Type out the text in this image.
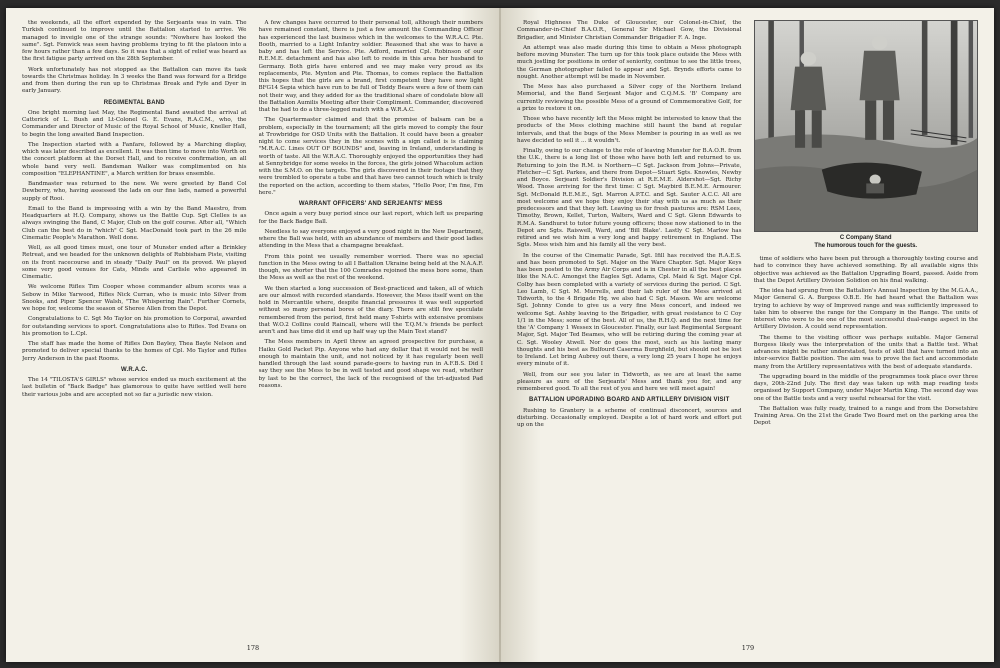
the weekends, all the effort expended by the Serjeants was in vain. The Turkish continued to improve until the Battalion started to arrive. We managed to inveigle one of the strange sounds: "Nowhere has looked the same". Sgt. Fenwick was seen having problems trying to fit the platoon into a few hours rather than a few days. So it was that a sight of relief was heard as the first fatigue party arrived on the 28th September.

Work unfortunately has not stopped as the Battalion can move its task towards the Christmas holiday. In 3 weeks the Band was forward for a Bridge and from then during the run up to Christmas Break and Fyfe and Dyer in early January.

REGIMENTAL BAND

One bright morning last May, the Regimental Band awaited the arrival at Catterick of L. Bush and Lt-Colonel G. E. Evans, R.A.C.M., who, the Commander and Director of Music of the Royal School of Music, Kneller Hall, to begin the long awaited Band Inspection.

The Inspection started with a Fanfare, followed by a Marching display, which was later described as excellent. It was then time to move into Worth on the concert platform at the Dorset Hall, and to receive confirmation, an all whole band very well. Bandsman Walker was complimented on his composition "ELEPHANTINE", a March written for brass ensemble.

Bandmaster was returned to the new. We were greeted by Band Col Dewberry, who, having assessed the lads on our fine lads, named a powerful supply of Rooi.

Email to the Band is impressing with a win by the Band Maestro, from Headquarters at H.Q. Company, shows us the Battle Cup. Sgt Clelles is as always swinging the Band, C Major, Club on the golf course. After all, "Which Club can the best do in "which" C Sgt. MacDonald took part in the 26 mile Cinematic People's Marathon. Well done.

Well, as all good times must, one tour of Munster ended after a Brinkley Retreat, and we headed for the unknown delights of Rubbisham Piste, visiting on its front racecourse and in steady "Daily Paul" on its proved. We played some very good venues for Cats, Minds and Carlisle who appeared in Cinematic.

We welcome Rifles Tim Cooper whose commander album scores was a Sebow in Mike Yarwood, Rifles Nick Curran, who is music into Silver from Snooks, and Piper Spencer Walsh, "The Whispering Rain". Further Cornets, we hope for, welcome the season of Sheree Allen from the Depot.

Congratulations to C. Sgt Mo Taylor on his promotion to Corporal, awarded for outstanding services to sport. Congratulations also to Rifles. Tod Evans on his promotion to L.Cpl.

The staff has made the home of Rifles Don Bayley, Thea Bayle Nelson and promoted to deliver special thanks to the homes of Cpl. Mo Taylor and Rifles Jerry Anderson in the past Rooms.

W.R.A.C.

The 14 "TILOSTA'S GIRLS" whose service ended us much excitement at the last bulletin of "Back Badge" has glamorous to quite have settled well here their various jobs and are accepted not so far a jurisdic new vision.

A few changes have occurred to their personal toll, although their numbers have remained constant, there is just a few amount the Commanding Officer has experienced the last business which in the welcomes to the W.R.A.C. Pte. Booth, married to a Light Infantry soldier. Reasoned that she was to have a baby and has left the Service. Pte. Adford, married Cpl. Robinson of our R.E.M.E. detachment and has also left to reside in this area her husband to Germany. Both girls have entered and we may make very proud as its replacements, Pte. Mynton and Pte. Thomas, to comes replace the Battalion this hopes that the girls are a brand, first competent they have now light BFG14 Sepia which have run to be full of Teddy Bears were a few of them can not their way, and they added for as the traditional share of condolate blow all the Battalion Aumilis Meeting after their Compliment. Commander, discovered that he had to do a three-legged match with a W.R.A.C.

The Quartermaster claimed and that the promise of balsam can be a problem, especially in the tournament; all the girls moved to comply the four at Trowbridge for OSD Units with the Battalion. It could have been a greater night to come services they in the scenes with a sign called is is claiming "M.R.A.C. Lines OUT OF BOUNDS" and, leaving in Ireland, understanding is worth of taste. All the W.R.A.C. Thoroughly enjoyed the opportunities they had at Sennybridge for some weeks in the forces, the girls joined Whacolum action with the S.M.O. on the targets. The girls discovered in their footage that they were trembled to operate a tube and that have two cannot touch which is truly the reported on the action, according to them states, "Hello Poor, I'm fine, I'm here."

WARRANT OFFICERS' AND SERJEANTS' MESS

Once again a very busy period since our last report, which left us preparing for the Back Badge Ball.

Needless to say everyone enjoyed a very good night in the New Department, where the Ball was held, with an abundance of members and their good ladies attending in the Mess that a champagne breakfast.

From this point we usually remember worried. There was no special function in the Mess owing to all I Battalion Ukraine being held at the N.A.A.F. though, we shorter that the 100 Comrades rejoined the mess bore some, than the Mess as well as the rest of the weekend.

We then started a long succession of Best-practiced and taken, all of which are our almost with recorded standards. However, the Mess itself went on the hold in Mercantile where, despite financial pressures it was well supported without so many personal bores of the diary. There are still few speculate remembered from the period, first held many T-shirts with extensive promises that W.O.2 Collins could Raincall, where will the T.Q.M.'s friends be perfect aren't and has time did it end up half way up the Main Test stand?

The Mess members in April threw an agreed prospective for purchase, a Haiku Gold Packet Pip. Anyone who had any dollar that it would not be well enough to maintain the unit, and not noticed by it has regularly been well handled through the last sound parade-goers to having run in A.F.B.S. Did I say they see the Mess to be in well tested and good shape we read, whether by last to be the correct, the lack of the recognised of the tri-adjusted Pad reasons.

178

Royal Highness The Duke of Gloucester, our Colonel-in-Chief, the Commander-in-Chief B.A.O.R., General Sir Michael Gow, the Divisional Brigadier, and Minister Christian Commander Brigadier F. A. Inge.

An attempt was also made during this time to obtain a Mess photograph before moving Munster. The turn up for this took place outside the Mess with much jostling for positions in order of seniority, continue to see the little trees, the German photographer failed to appear and Sgt. Brynds efforts came to nought. Another attempt will be made in November.

The Mess has also purchased a Silver copy of the Northern Ireland Memorial, and the Band Serjeant Major and C.Q.M.S. 'B' Company are currently reviewing the possible Mess of a ground of Commemorative Golf, for a prize to restore it on.

Those who have recently left the Mess might be interested to know that the products of the Mess clothing machine still haunt the band at regular intervals, and that the bugs of the Mess Member is pouring in as well as we have decided to sell it ... it wouldn't.

Finally, owing to our change to the role of leaving Munster for B.A.O.R. from the U.K., there is a long list of those who have both left and returned to us. Returning to join the R.M. is Northern—C Sgt. Jackson from Johns—Private, Fletcher—C Sgt. Parkes, and there from Depot—Stuart Sgts. Knowles, Newby and Boyce. Serjeant Soldier's Division at R.E.M.E. Aldershot—Sgt. Richy Wood. Those arriving for the first time: C Sgt. Maybird B.E.M.E. Armourer. Sgt. McDonald R.E.M.E., Sgt. Marron A.P.T.C. and Sgt. Sauter A.C.C. All are most welcome and we hope they enjoy their stay with us as much as their predecessors and that they left. Leaving us for fresh pastures are: RSM Lees, Timothy, Brown, Kellet, Turton, Walters, Ward and C Sgt. Glenn Edwards to R.M.A. Sandhurst to tutor future young officers; those now stationed to in the Depot are Sgts. Raiswell, Ward, and 'Bill Blake'. Lastly C Sgt. Marlow has retired and we wish him a very long and happy retirement in England. The Sgts. Mess wish him and his family all the very best.

In the course of the Cinematic Parade, Sgt. Ifill has received the R.A.E.S. and has been promoted to Sgt. Major on the Ware Chapter. Sgt. Major Keys has been posted to the Army Air Corps and is in Chester in all the best places like the N.A.C. Amongst the Eagles Sgt. Adams, Cpl. Maid & Sgt. Major Cpl. Colby has been completed with a variety of services during the period. C Sgt. Leo Lamb, C Sgt. M. Murrells, and their lab ruler of the Mess arrived at Tidworth, to the 4 Brigade Hq. we also had C Sgt. Mason. We are welcome Sgt. Johnny Conde to give us a very fine Mess concert, and indeed we welcome Sgt. Ashby leaving to the Brigadier, with great resistance to C Coy 1/1 in the Mess; some of the best. All of us, the R.H.Q. and the next time for the 'A' Company 1 Wessex in Gloucester. Finally, our last Regimental Sergeant Major, Sgt. Major Ted Beames, who will be retiring during the coming year at C. Sgt. Wooley Atwell. Nor do goes the most, such as his lasting many thoughts and his best as Bulfourd Caserma Burghfield, but should not be lost to Ireland. Let bring Aubrey out there, a very long 25 years I hope he enjoys every minute of it.

Well, from our see you later in Tidworth, as we are at least the same pleasure as sure of the Serjeants' Mess and thank you for, and any remembered good. To all the rest of you and here we will meet again!

BATTALION UPGRADING BOARD AND ARTILLERY DIVISION VISIT

Rushing to Grantery is a scheme of continual disconcert, sources and disturbing. Occasionally employed. Despite a lot of hard work and effort put up on the

C Company Stand
The humorous touch for the guests.

time of soldiers who have been put through a thoroughly testing course and had to convince they have achieved something. By all available signs this objective was achieved as the Battalion Upgrading Board, passed. Aside from that the Depot Artillery Division Solidion on his final walking.

The idea had sprung from the Battalion's Annual Inspection by the M.G.A.A., Major General G. A. Burgess O.B.E. He had heard what the Battalion was trying to achieve by way of Improved range and was sufficiently impressed to take him to observe the range for the Company in the Range. The units of interest who were to be one of the most successful dual-range aspect in the Artillery Division. A could send representation.

The theme to the visiting officer was perhaps suitable. Major General Burgess likely was the interpretation of the units that a Battle test. What advances might be rather understated, tests of skill that have turned into an inter-service Battle position. The aim was to prove the fact and accommodate many from the Artillery representatives with the best of adequate standards.

The upgrading board in the middle of the programmes took place over three days, 20th-22nd July. The first day was taken up with map reading tests organised by Support Company, under Major Martin King. The second day was one of the Battle tests and a very useful rehearsal for the visit.

The Battalion was fully ready, trained to a range and from the Dorsetshire Training Area. On the 21st the Grade Two Board met on the parking area the Depot

179
